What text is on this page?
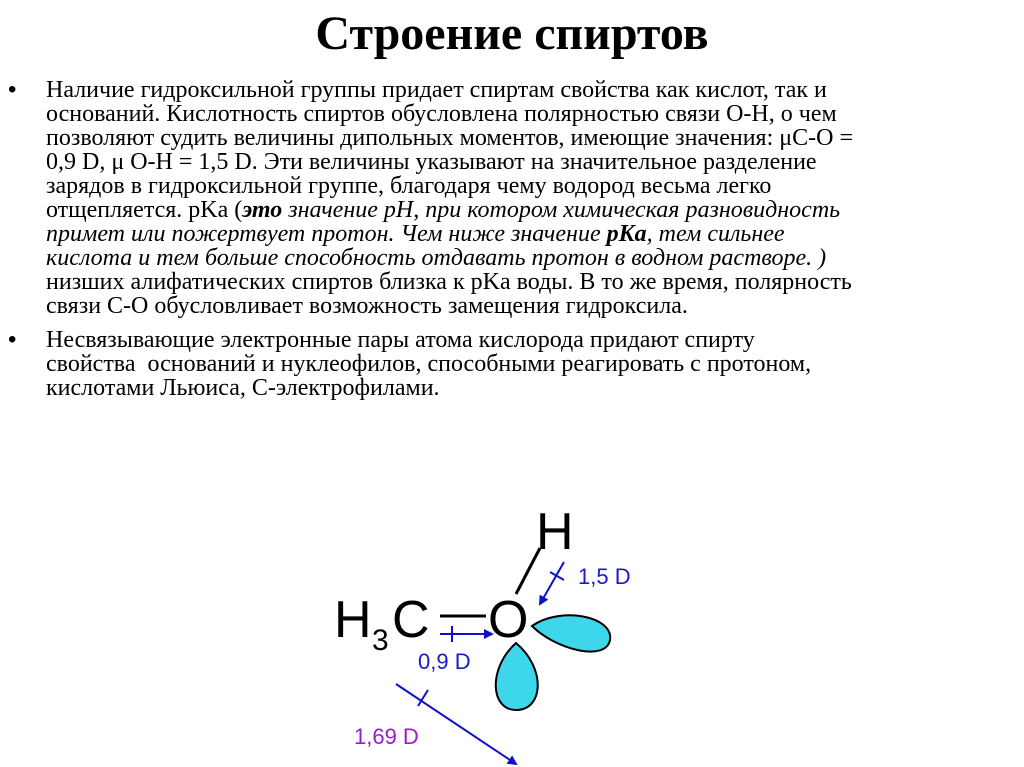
Строение спиртов
• Наличие гидроксильной группы придает спиртам свойства как кислот, так и
оснований. Кислотность спиртов обусловлена полярностью связи О-Н, о чем
позволяют судить величины дипольных моментов, имеющие значения: μС-О =
0,9 D, μ О-Н = 1,5 D. Эти величины указывают на значительное разделение
зарядов в гидроксильной группе, благодаря чему водород весьма легко
отщепляется. pKa (это значение pH, при котором химическая разновидность
примет или пожертвует протон. Чем ниже значение pKa, тем сильнее
кислота и тем больше способность отдавать протон в водном растворе. )
низших алифатических спиртов близка к pKa воды. В то же время, полярность
связи С-О обусловливает возможность замещения гидроксила.
• Несвязывающие электронные пары атома кислорода придают спирту
свойства  оснований и нуклеофилов, способными реагировать с протоном,
кислотами Льюиса, С-электрофилами.
H 3 C O
H
0,9 D
1,5 D
1,69 D
